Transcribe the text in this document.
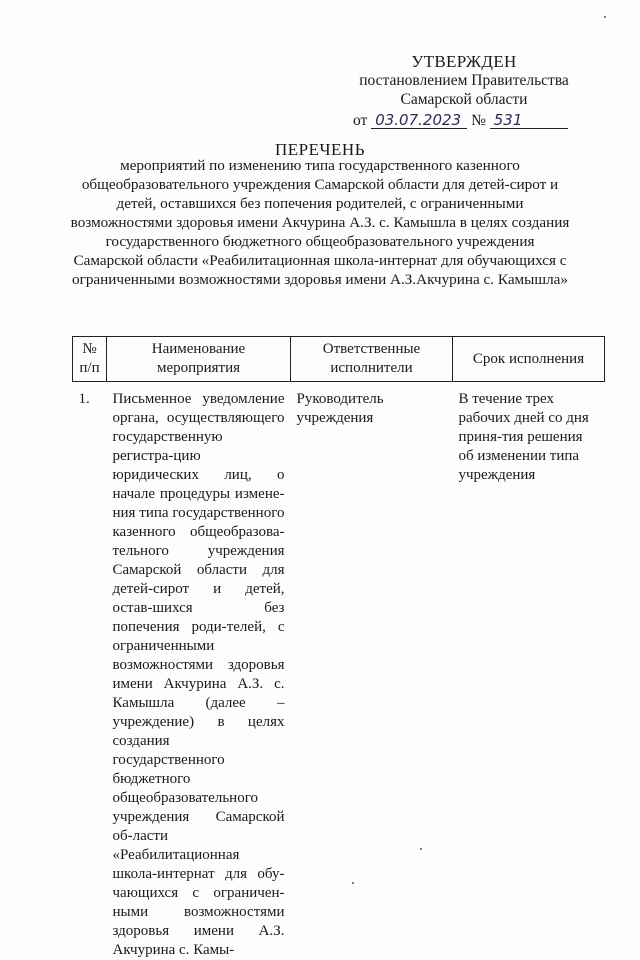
УТВЕРЖДЕН
постановлением Правительства
Самарской области
от 03.07.2023 № 531
ПЕРЕЧЕНЬ
мероприятий по изменению типа государственного казенного общеобразовательного учреждения Самарской области для детей-сирот и детей, оставшихся без попечения родителей, с ограниченными возможностями здоровья имени Акчурина А.З. с. Камышла в целях создания государственного бюджетного общеобразовательного учреждения Самарской области «Реабилитационная школа-интернат для обучающихся с ограниченными возможностями здоровья имени А.З.Акчурина с. Камышла»
№ п/п	Наименование мероприятия	Ответственные исполнители	Срок исполнения
1.	Письменное уведомление органа, осуществляющего государственную регистра-цию юридических лиц, о начале процедуры измене-ния типа государственного казенного общеобразова-тельного учреждения Самарской области для детей-сирот и детей, остав-шихся без попечения роди-телей, с ограниченными возможностями здоровья имени Акчурина А.З. с. Камышла (далее – учреждение) в целях создания государственного бюджетного общеобразовательного учреждения Самарской об-ласти «Реабилитационная школа-интернат для обу-чающихся с ограничен-ными возможностями здоровья имени А.З. Акчурина с. Камы-	Руководитель учреждения	В течение трех рабочих дней со дня приня-тия решения об изменении типа учреждения
